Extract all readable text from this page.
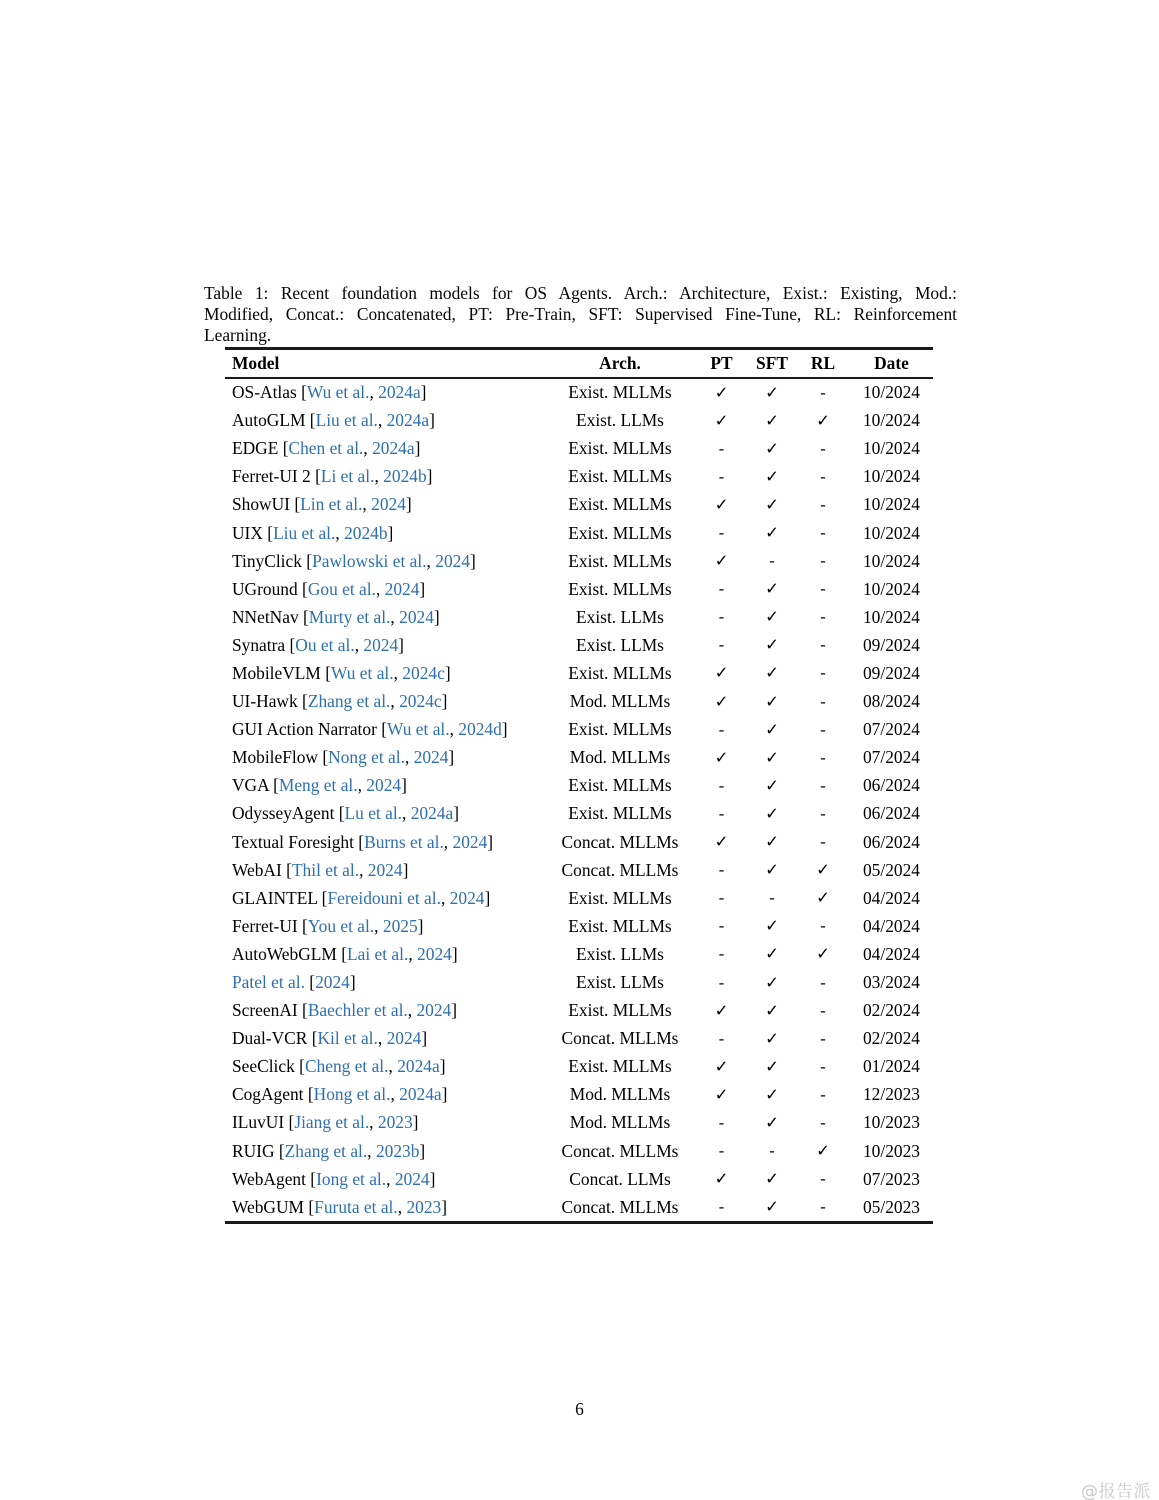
Table 1: Recent foundation models for OS Agents. Arch.: Architecture, Exist.: Existing, Mod.:
Modified, Concat.: Concatenated, PT: Pre-Train, SFT: Supervised Fine-Tune, RL: Reinforcement
Learning.
Model	Arch.	PT	SFT	RL	Date
OS-Atlas [Wu et al., 2024a]	Exist. MLLMs	✓	✓	-	10/2024
AutoGLM [Liu et al., 2024a]	Exist. LLMs	✓	✓	✓	10/2024
EDGE [Chen et al., 2024a]	Exist. MLLMs	-	✓	-	10/2024
Ferret-UI 2 [Li et al., 2024b]	Exist. MLLMs	-	✓	-	10/2024
ShowUI [Lin et al., 2024]	Exist. MLLMs	✓	✓	-	10/2024
UIX [Liu et al., 2024b]	Exist. MLLMs	-	✓	-	10/2024
TinyClick [Pawlowski et al., 2024]	Exist. MLLMs	✓	-	-	10/2024
UGround [Gou et al., 2024]	Exist. MLLMs	-	✓	-	10/2024
NNetNav [Murty et al., 2024]	Exist. LLMs	-	✓	-	10/2024
Synatra [Ou et al., 2024]	Exist. LLMs	-	✓	-	09/2024
MobileVLM [Wu et al., 2024c]	Exist. MLLMs	✓	✓	-	09/2024
UI-Hawk [Zhang et al., 2024c]	Mod. MLLMs	✓	✓	-	08/2024
GUI Action Narrator [Wu et al., 2024d]	Exist. MLLMs	-	✓	-	07/2024
MobileFlow [Nong et al., 2024]	Mod. MLLMs	✓	✓	-	07/2024
VGA [Meng et al., 2024]	Exist. MLLMs	-	✓	-	06/2024
OdysseyAgent [Lu et al., 2024a]	Exist. MLLMs	-	✓	-	06/2024
Textual Foresight [Burns et al., 2024]	Concat. MLLMs	✓	✓	-	06/2024
WebAI [Thil et al., 2024]	Concat. MLLMs	-	✓	✓	05/2024
GLAINTEL [Fereidouni et al., 2024]	Exist. MLLMs	-	-	✓	04/2024
Ferret-UI [You et al., 2025]	Exist. MLLMs	-	✓	-	04/2024
AutoWebGLM [Lai et al., 2024]	Exist. LLMs	-	✓	✓	04/2024
Patel et al. [2024]	Exist. LLMs	-	✓	-	03/2024
ScreenAI [Baechler et al., 2024]	Exist. MLLMs	✓	✓	-	02/2024
Dual-VCR [Kil et al., 2024]	Concat. MLLMs	-	✓	-	02/2024
SeeClick [Cheng et al., 2024a]	Exist. MLLMs	✓	✓	-	01/2024
CogAgent [Hong et al., 2024a]	Mod. MLLMs	✓	✓	-	12/2023
ILuvUI [Jiang et al., 2023]	Mod. MLLMs	-	✓	-	10/2023
RUIG [Zhang et al., 2023b]	Concat. MLLMs	-	-	✓	10/2023
WebAgent [Iong et al., 2024]	Concat. LLMs	✓	✓	-	07/2023
WebGUM [Furuta et al., 2023]	Concat. MLLMs	-	✓	-	05/2023
6
@报告派
